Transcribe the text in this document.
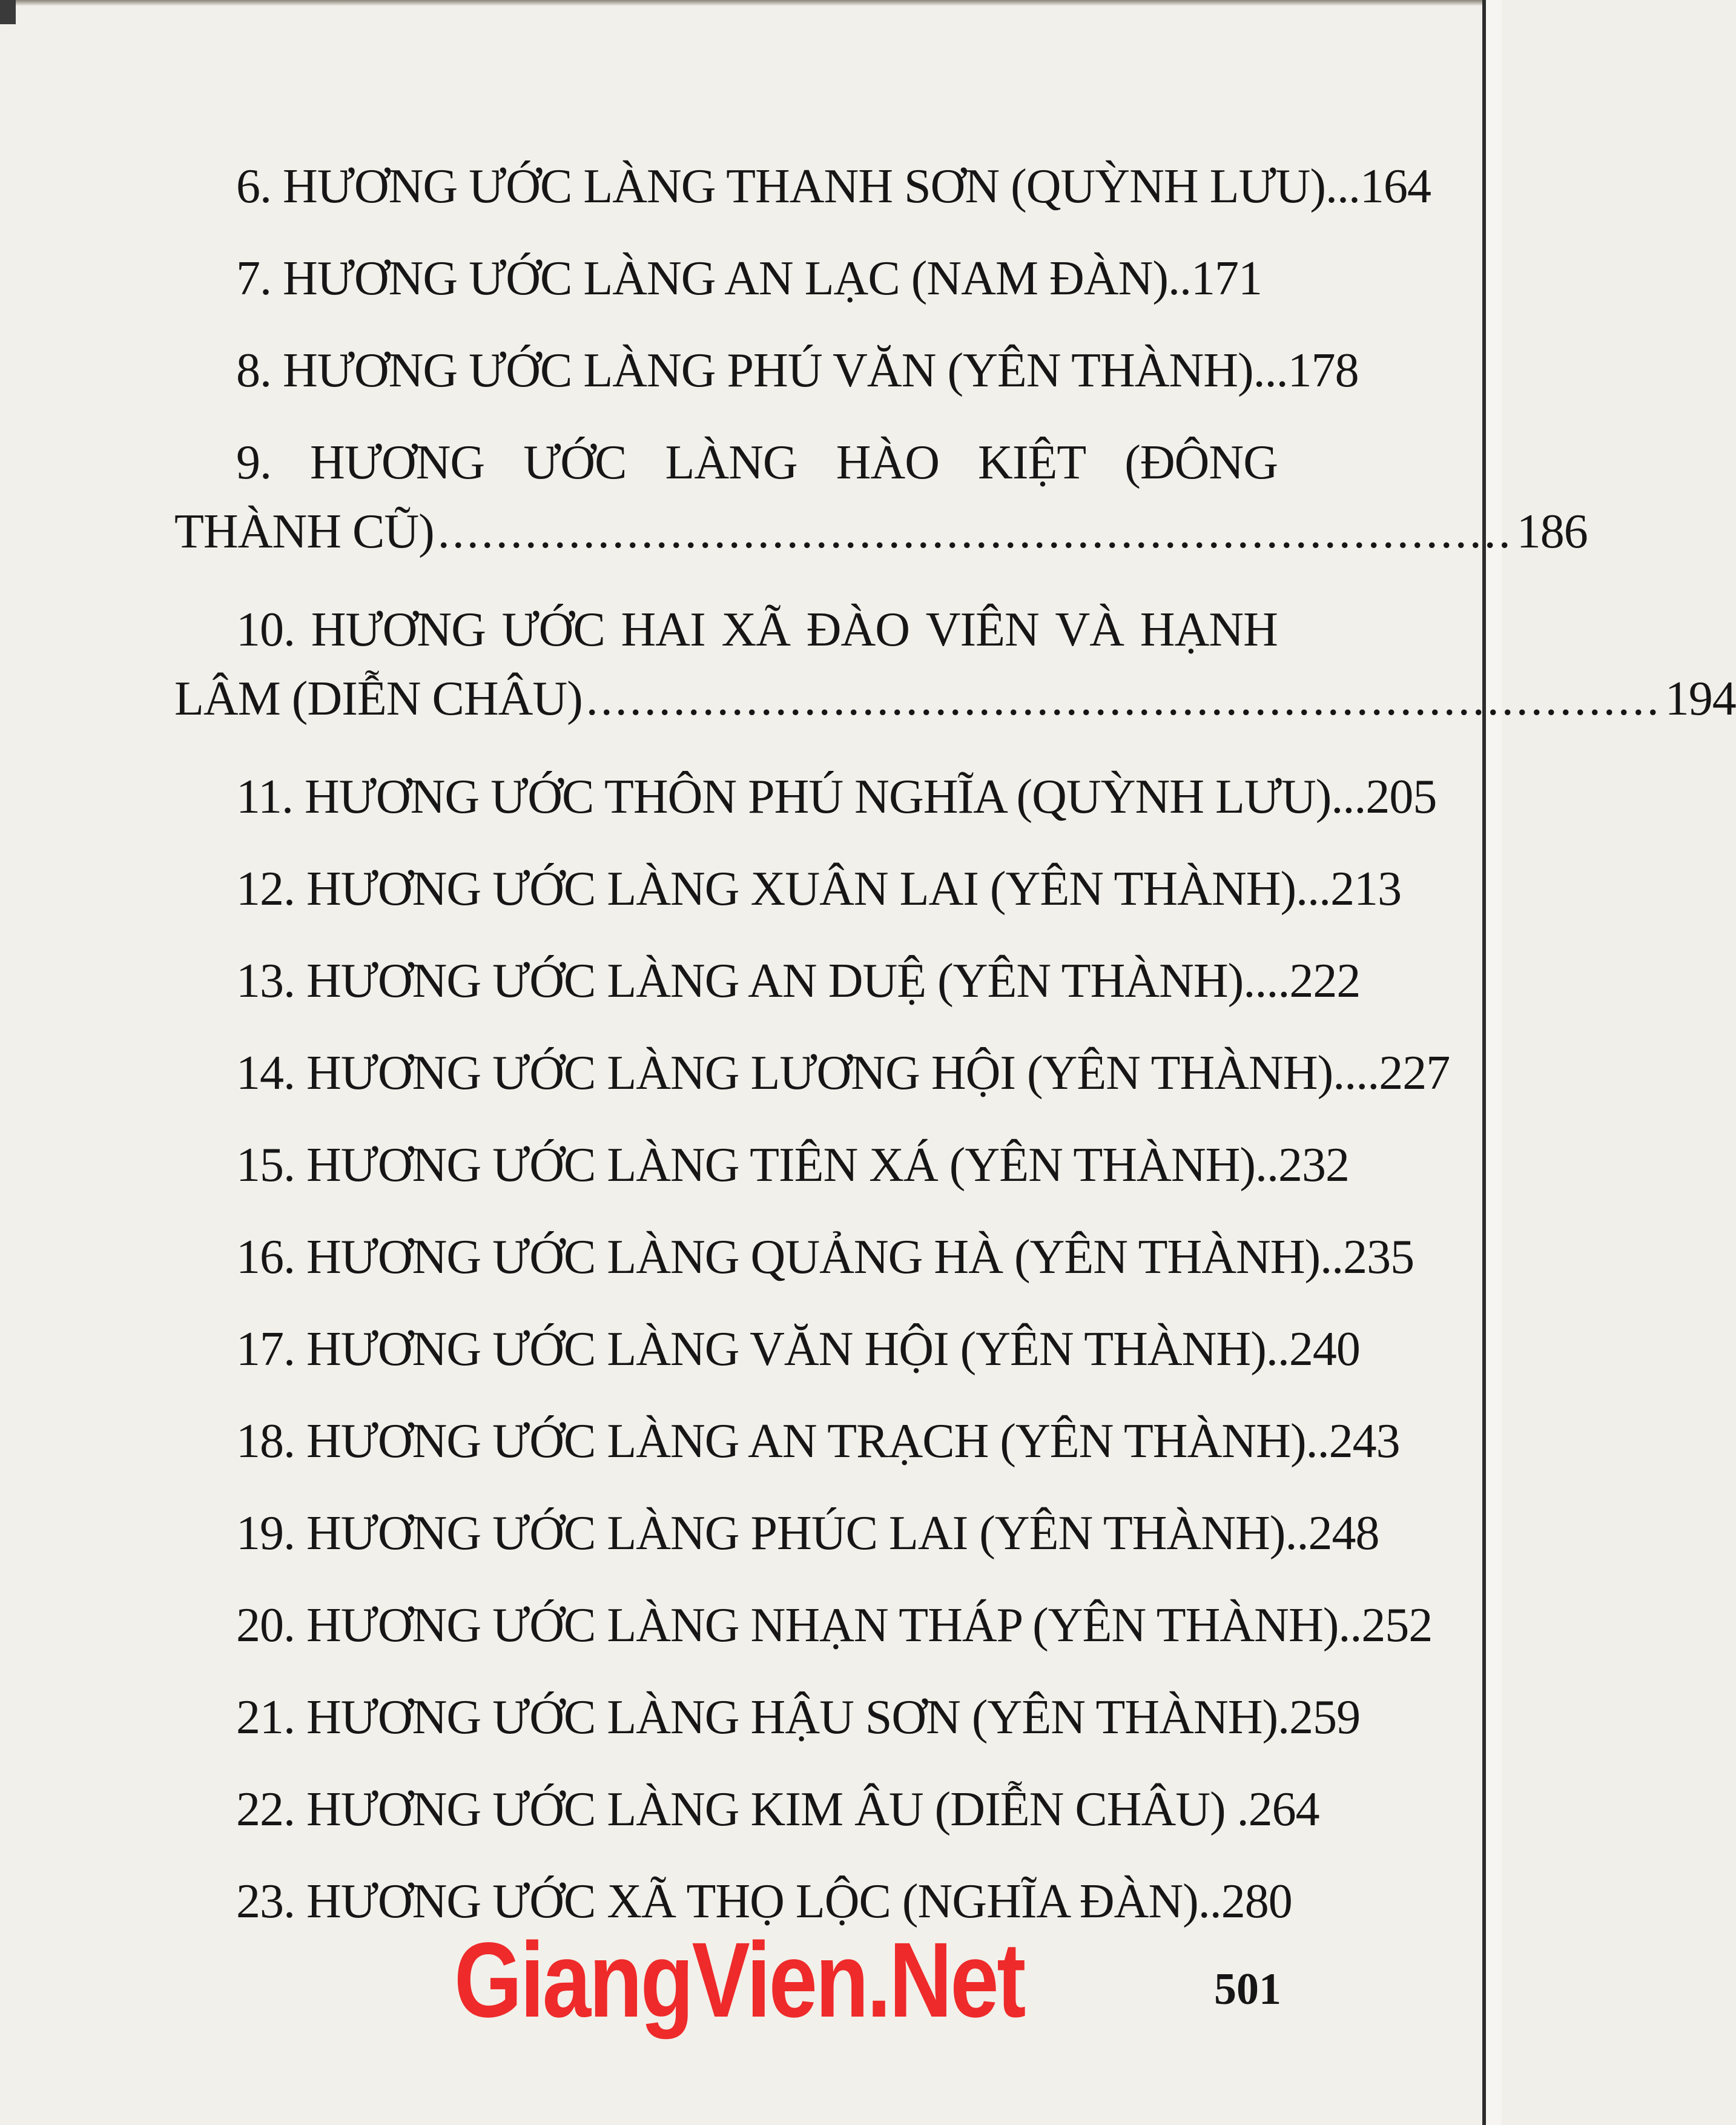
6. HƯƠNG ƯỚC LÀNG THANH SƠN (QUỲNH LƯU)...164
7. HƯƠNG ƯỚC LÀNG AN LẠC (NAM ĐÀN)..171
8. HƯƠNG ƯỚC LÀNG PHÚ VĂN (YÊN THÀNH)...178
9. HƯƠNG ƯỚC LÀNG HÀO KIỆT (ĐÔNG
THÀNH CŨ) .......................................................................... 186
10. HƯƠNG ƯỚC HAI XÃ ĐÀO VIÊN VÀ HẠNH
LÂM (DIỄN CHÂU) .......................................................................... 194
11. HƯƠNG ƯỚC THÔN PHÚ NGHĨA (QUỲNH LƯU)...205
12. HƯƠNG ƯỚC LÀNG XUÂN LAI (YÊN THÀNH)...213
13. HƯƠNG ƯỚC LÀNG AN DUỆ (YÊN THÀNH)....222
14. HƯƠNG ƯỚC LÀNG LƯƠNG HỘI (YÊN THÀNH)....227
15. HƯƠNG ƯỚC LÀNG TIÊN XÁ (YÊN THÀNH)..232
16. HƯƠNG ƯỚC LÀNG QUẢNG HÀ (YÊN THÀNH)..235
17. HƯƠNG ƯỚC LÀNG VĂN HỘI (YÊN THÀNH)..240
18. HƯƠNG ƯỚC LÀNG AN TRẠCH (YÊN THÀNH)..243
19. HƯƠNG ƯỚC LÀNG PHÚC LAI (YÊN THÀNH)..248
20. HƯƠNG ƯỚC LÀNG NHẠN THÁP (YÊN THÀNH)..252
21. HƯƠNG ƯỚC LÀNG HẬU SƠN (YÊN THÀNH).259
22. HƯƠNG ƯỚC LÀNG KIM ÂU (DIỄN CHÂU) .264
23. HƯƠNG ƯỚC XÃ THỌ LỘC (NGHĨA ĐÀN)..280
GiangVien.Net	501
